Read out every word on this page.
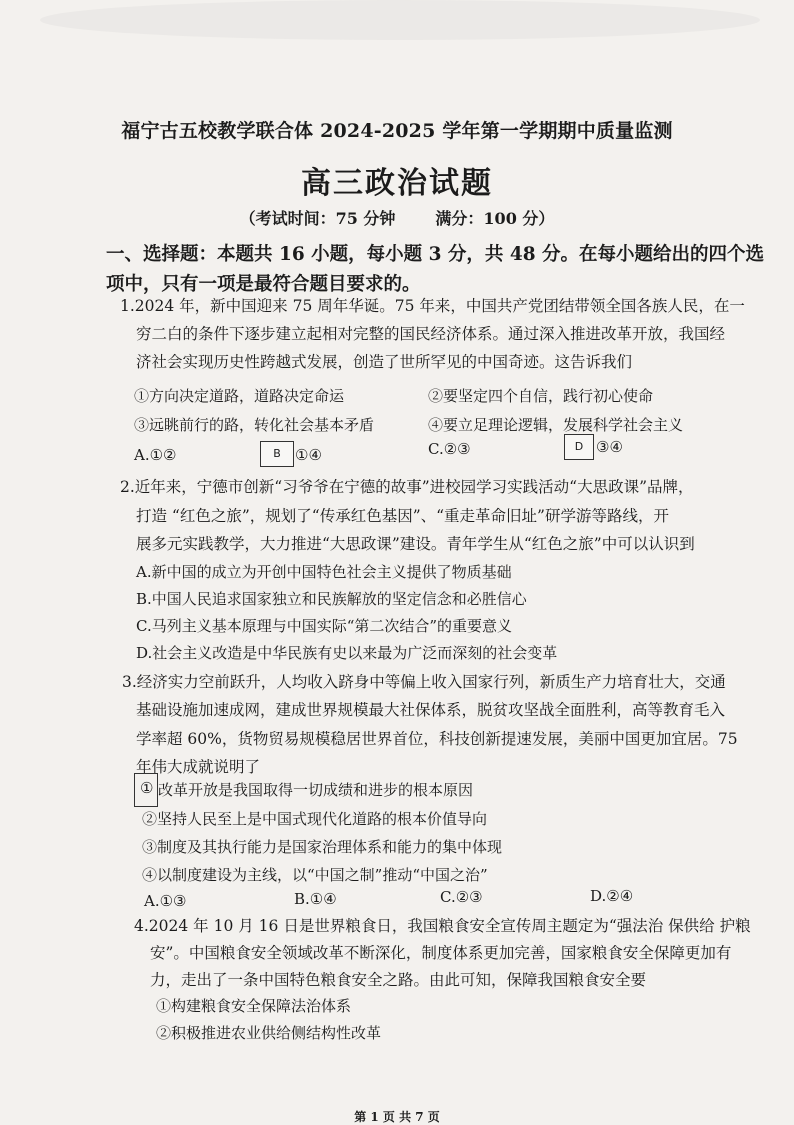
福宁古五校教学联合体 2024-2025 学年第一学期期中质量监测
高三政治试题
（考试时间：75 分钟	满分：100 分）
一、选择题：本题共 16 小题，每小题 3 分，共 48 分。在每小题给出的四个选
项中，只有一项是最符合题目要求的。
1.2024 年，新中国迎来 75 周年华诞。75 年来，中国共产党团结带领全国各族人民，在一
穷二白的条件下逐步建立起相对完整的国民经济体系。通过深入推进改革开放，我国经
济社会实现历史性跨越式发展，创造了世所罕见的中国奇迹。这告诉我们
①方向决定道路，道路决定命运	②要坚定四个自信，践行初心使命
③远眺前行的路，转化社会基本矛盾	④要立足理论逻辑，发展科学社会主义
A.①②	B ①④	C.②③	D ③④
2.近年来，宁德市创新“习爷爷在宁德的故事”进校园学习实践活动“大思政课”品牌，
打造 “红色之旅”，规划了“传承红色基因”、“重走革命旧址”研学游等路线，开
展多元实践教学，大力推进“大思政课”建设。青年学生从“红色之旅”中可以认识到
A.新中国的成立为开创中国特色社会主义提供了物质基础
B.中国人民追求国家独立和民族解放的坚定信念和必胜信心
C.马列主义基本原理与中国实际“第二次结合”的重要意义
D.社会主义改造是中华民族有史以来最为广泛而深刻的社会变革
3.经济实力空前跃升，人均收入跻身中等偏上收入国家行列，新质生产力培育壮大，交通
基础设施加速成网，建成世界规模最大社保体系，脱贫攻坚战全面胜利，高等教育毛入
学率超 60%，货物贸易规模稳居世界首位，科技创新提速发展，美丽中国更加宜居。75
年伟大成就说明了
① 改革开放是我国取得一切成绩和进步的根本原因
②坚持人民至上是中国式现代化道路的根本价值导向
③制度及其执行能力是国家治理体系和能力的集中体现
④以制度建设为主线，以“中国之制”推动“中国之治”
A.①③	B.①④	C.②③	D.②④
4.2024 年 10 月 16 日是世界粮食日，我国粮食安全宣传周主题定为“强法治 保供给 护粮
安”。中国粮食安全领域改革不断深化，制度体系更加完善，国家粮食安全保障更加有
力，走出了一条中国特色粮食安全之路。由此可知，保障我国粮食安全要
①构建粮食安全保障法治体系
②积极推进农业供给侧结构性改革
第 1 页 共 7 页
